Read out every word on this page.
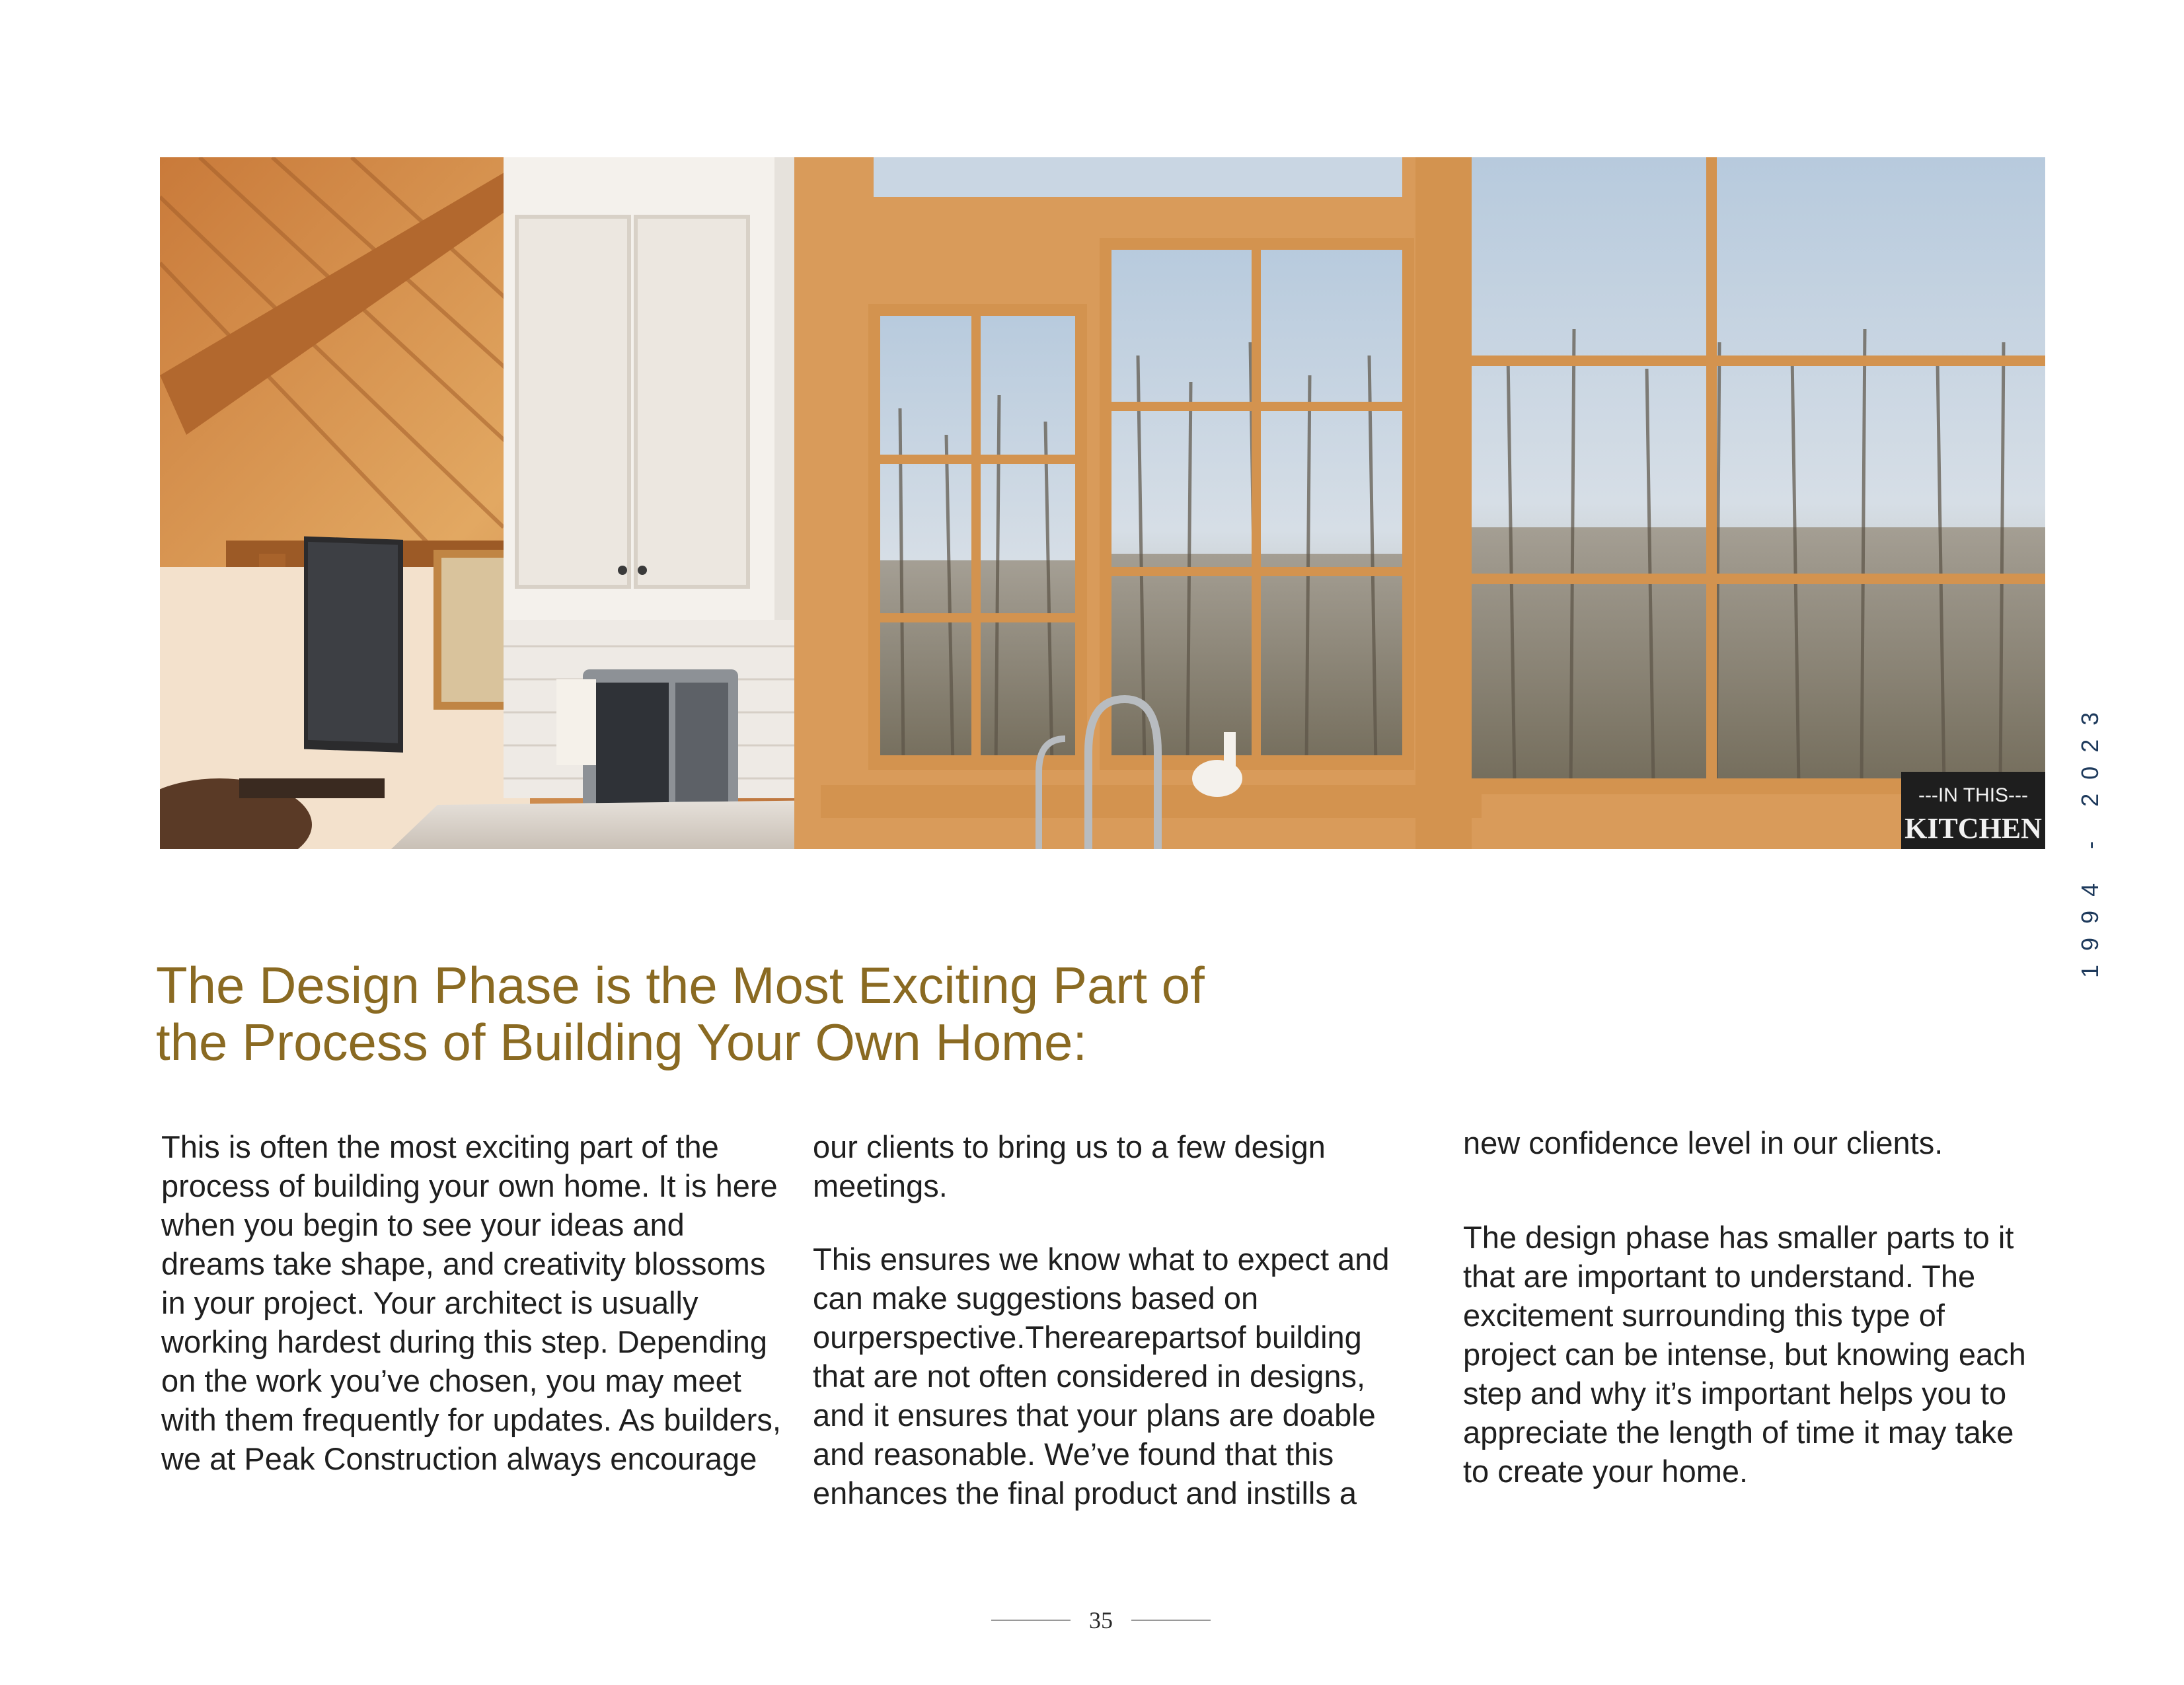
---IN THIS---
KITCHEN 1994 - 2023
The Design Phase is the Most Exciting Part of
the Process of Building Your Own Home:

This is often the most exciting part of the process of building your own home. It is here when you begin to see your ideas and dreams take shape, and creativity blossoms in your project. Your architect is usually working hardest during this step. Depending on the work you’ve chosen, you may meet with them frequently for updates. As builders, we at Peak Construction always encourage

our clients to bring us to a few design meetings.

This ensures we know what to expect and can make suggestions based on ourperspective.Therearepartsof building that are not often considered in designs, and it ensures that your plans are doable and reasonable. We’ve found that this enhances the final product and instills a

new confidence level in our clients.

The design phase has smaller parts to it that are important to understand. The excitement surrounding this type of project can be intense, but knowing each step and why it’s important helps you to appreciate the length of time it may take to create your home.

35
